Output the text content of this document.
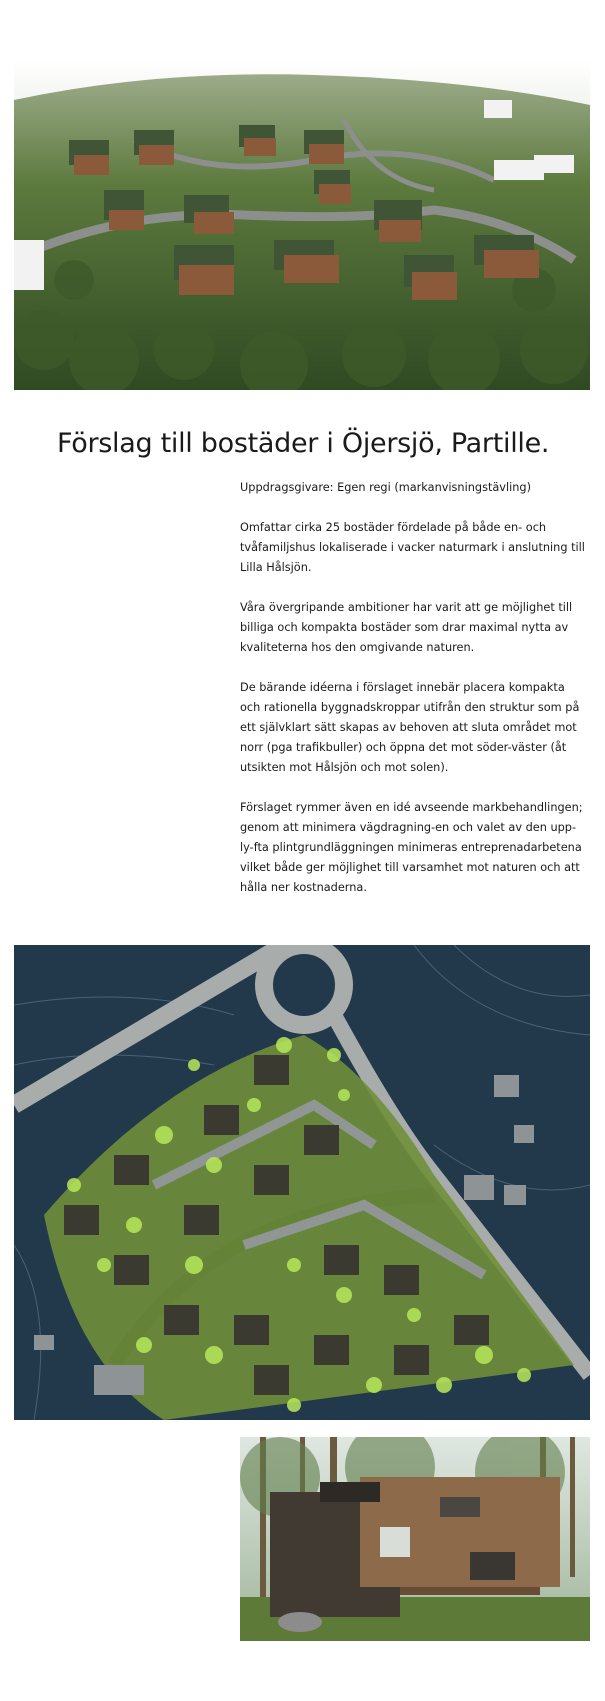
Förslag till bostäder i Öjersjö, Partille.

Uppdragsgivare: Egen regi (markanvisningstävling)

Omfattar cirka 25 bostäder fördelade på både en- och tvåfamiljshus lokaliserade i vacker naturmark i anslutning till Lilla Hålsjön.

Våra övergripande ambitioner har varit att ge möjlighet till billiga och kompakta bostäder som drar maximal nytta av kvaliteterna hos den omgivande naturen.

De bärande idéerna i förslaget innebär placera kompakta och rationella byggnadskroppar utifrån den struktur som på ett självklart sätt skapas av behoven att sluta området mot norr (pga trafikbuller) och öppna det mot söder-väster (åt utsikten mot Hålsjön och mot solen).

Förslaget rymmer även en idé avseende markbehandlingen; genom att minimera vägdragning-en och valet av den upp-ly-fta plintgrundläggningen minimeras entreprenadarbetena vilket både ger möjlighet till varsamhet mot naturen och att hålla ner kostnaderna.
